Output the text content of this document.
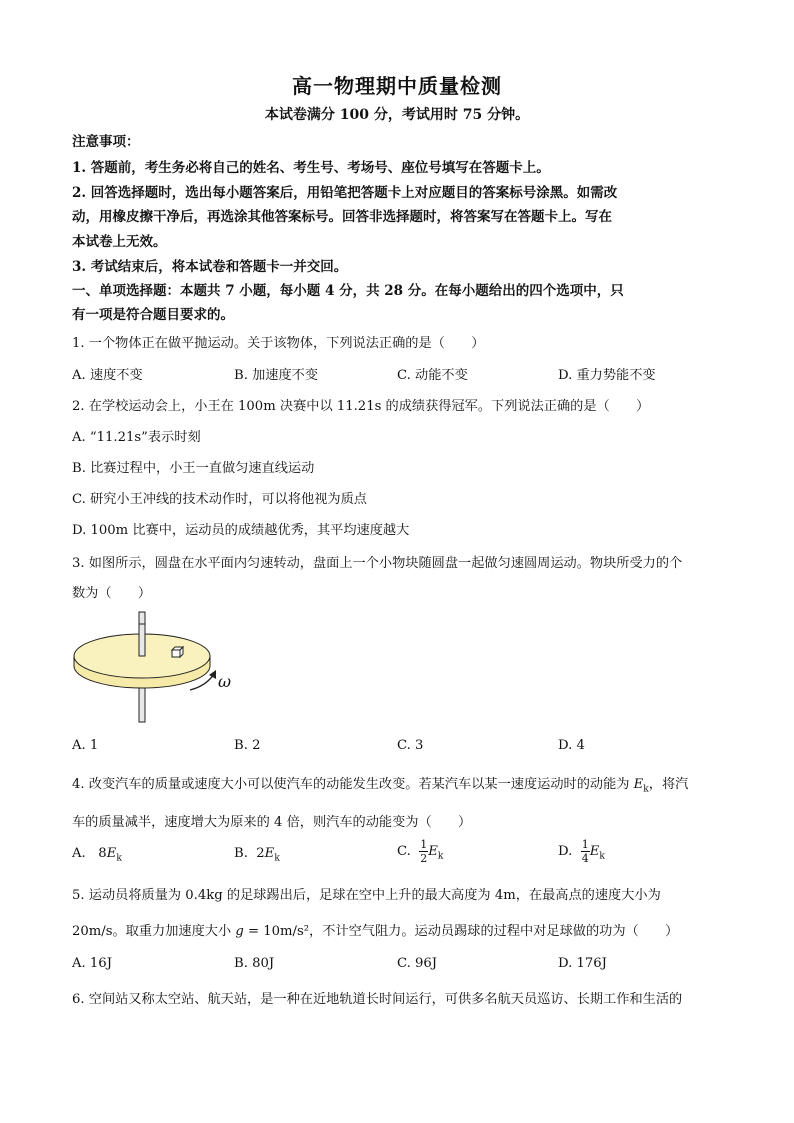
高一物理期中质量检测
本试卷满分 100 分，考试用时 75 分钟。
注意事项：
1. 答题前，考生务必将自己的姓名、考生号、考场号、座位号填写在答题卡上。
2. 回答选择题时，选出每小题答案后，用铅笔把答题卡上对应题目的答案标号涂黑。如需改
动，用橡皮擦干净后，再选涂其他答案标号。回答非选择题时，将答案写在答题卡上。写在
本试卷上无效。
3. 考试结束后，将本试卷和答题卡一并交回。
一、单项选择题：本题共 7 小题，每小题 4 分，共 28 分。在每小题给出的四个选项中，只
有一项是符合题目要求的。
1. 一个物体正在做平抛运动。关于该物体，下列说法正确的是（　　）
A. 速度不变	B. 加速度不变	C. 动能不变	D. 重力势能不变
2. 在学校运动会上，小王在 100m 决赛中以 11.21s 的成绩获得冠军。下列说法正确的是（　　）
A. “11.21s”表示时刻
B. 比赛过程中，小王一直做匀速直线运动
C. 研究小王冲线的技术动作时，可以将他视为质点
D. 100m 比赛中，运动员的成绩越优秀，其平均速度越大
3. 如图所示，圆盘在水平面内匀速转动，盘面上一个小物块随圆盘一起做匀速圆周运动。物块所受力的个
数为（　　）
ω
A. 1	B. 2	C. 3	D. 4
4. 改变汽车的质量或速度大小可以使汽车的动能发生改变。若某汽车以某一速度运动时的动能为 $E_k$，将汽
车的质量减半，速度增大为原来的 4 倍，则汽车的动能变为（　　）
A. $8E_k$	B. $2E_k$	C. $\frac{1}{2} E_k$	D. $\frac{1}{4} E_k$
5. 运动员将质量为 0.4kg 的足球踢出后，足球在空中上升的最大高度为 4m，在最高点的速度大小为
20m/s。取重力加速度大小 g = 10m/s²，不计空气阻力。运动员踢球的过程中对足球做的功为（　　）
A. 16J	B. 80J	C. 96J	D. 176J
6. 空间站又称太空站、航天站，是一种在近地轨道长时间运行，可供多名航天员巡访、长期工作和生活的
